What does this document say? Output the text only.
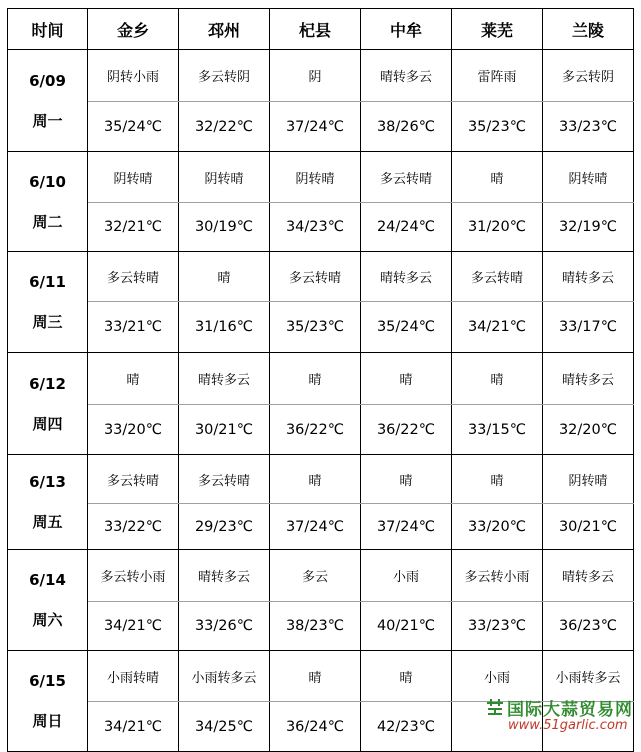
时间	金乡	邳州	杞县	中牟	莱芜	兰陵

6/09
周一	阴转小雨	多云转阴	阴	晴转多云	雷阵雨	多云转阴
	35/24℃	32/22℃	37/24℃	38/26℃	35/23℃	33/23℃

6/10
周二	阴转晴	阴转晴	阴转晴	多云转晴	晴	阴转晴
	32/21℃	30/19℃	34/23℃	24/24℃	31/20℃	32/19℃

6/11
周三	多云转晴	晴	多云转晴	晴转多云	多云转晴	晴转多云
	33/21℃	31/16℃	35/23℃	35/24℃	34/21℃	33/17℃

6/12
周四	晴	晴转多云	晴	晴	晴	晴转多云
	33/20℃	30/21℃	36/22℃	36/22℃	33/15℃	32/20℃

6/13
周五	多云转晴	多云转晴	晴	晴	晴	阴转晴
	33/22℃	29/23℃	37/24℃	37/24℃	33/20℃	30/21℃

6/14
周六	多云转小雨	晴转多云	多云	小雨	多云转小雨	晴转多云
	34/21℃	33/26℃	38/23℃	40/21℃	33/23℃	36/23℃

6/15
周日	小雨转晴	小雨转多云	晴	晴	小雨	小雨转多云
	34/21℃	34/25℃	36/24℃	42/23℃		
国际大蒜贸易网
www.51garlic.com
